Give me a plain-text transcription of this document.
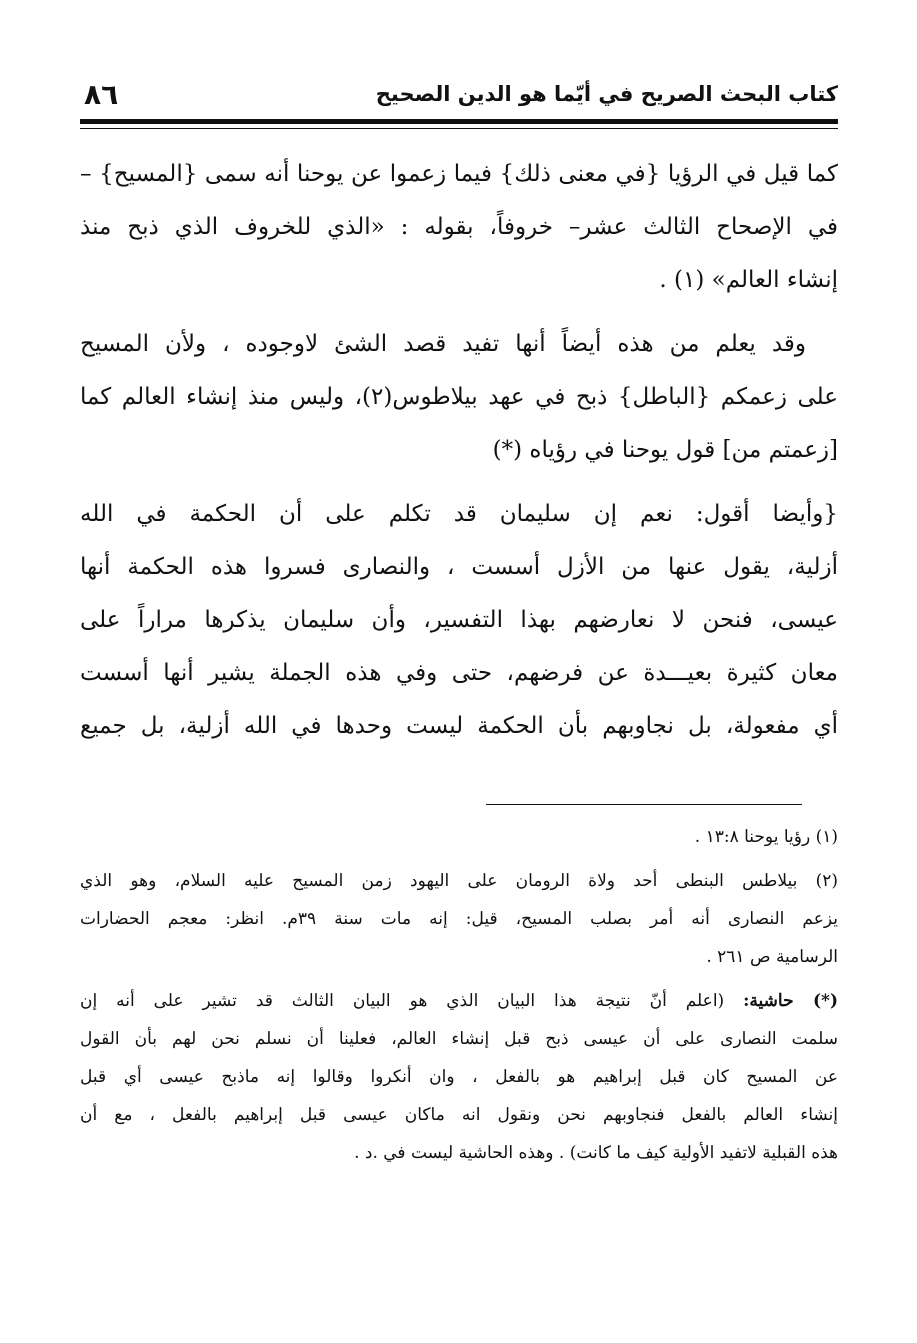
كتاب البحث الصريح في أيّما هو الدين الصحيح
٨٦
كما قيل في الرؤيا {في معنى ذلك} فيما زعموا عن يوحنا أنه سمى {المسيح} –
في الإصحاح الثالث عشر– خروفاً، بقوله : «الذي للخروف الذي ذبح منذ
إنشاء العالم» (١) .
وقد يعلم من هذه أيضاً أنها تفيد قصد الشئ لاوجوده ، ولأن المسيح
على زعمكم {الباطل} ذبح في عهد بيلاطوس(٢)، وليس منذ إنشاء العالم كما
[زعمتم من] قول يوحنا في رؤياه (*)
{وأيضا أقول: نعم إن سليمان قد تكلم على أن الحكمة في الله
أزلية، يقول عنها من الأزل أسست ، والنصارى فسروا هذه الحكمة أنها
عيسى، فنحن لا نعارضهم بهذا التفسير، وأن سليمان يذكرها مراراً على
معان كثيرة بعيـــدة عن فرضهم، حتى وفي هذه الجملة يشير أنها أسست
أي مفعولة، بل نجاوبهم بأن الحكمة ليست وحدها في الله أزلية، بل جميع
(١) رؤيا يوحنا ١٣:٨ .
(٢) بيلاطس البنطى أحد ولاة الرومان على اليهود زمن المسيح عليه السلام، وهو الذي
يزعم النصارى أنه أمر بصلب المسيح، قيل: إنه مات سنة ٣٩م. انظر: معجم الحضارات
الرسامية ص ٢٦١ .
(*) حاشية: (اعلم أنّ نتيجة هذا البيان الذي هو البيان الثالث قد تشير على أنه إن
سلمت النصارى على أن عيسى ذبح قبل إنشاء العالم، فعلينا أن نسلم نحن لهم بأن القول
عن المسيح كان قبل إبراهيم هو بالفعل ، وان أنكروا وقالوا إنه ماذبح عيسى أي قبل
إنشاء العالم بالفعل فنجاوبهم نحن ونقول انه ماكان عيسى قبل إبراهيم بالفعل ، مع أن
هذه القبلية لاتفيد الأولية كيف ما كانت) . وهذه الحاشية ليست في .د .
